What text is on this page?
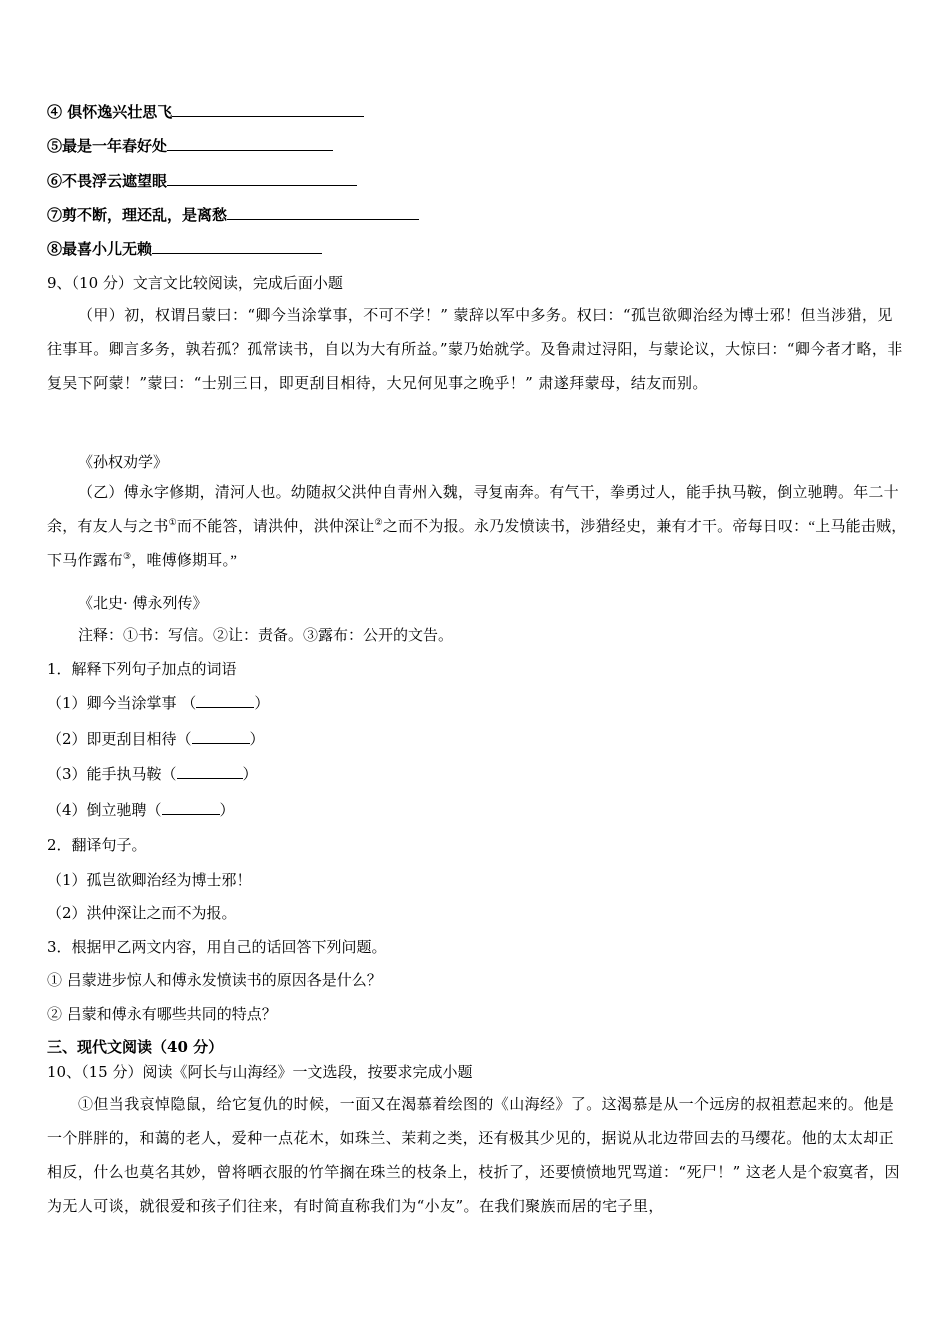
④ 俱怀逸兴壮思飞
⑤最是一年春好处
⑥不畏浮云遮望眼
⑦剪不断，理还乱，是离愁
⑧最喜小儿无赖
9、（10 分）文言文比较阅读，完成后面小题
（甲）初，权谓吕蒙曰：“卿今当涂掌事，不可不学！” 蒙辞以军中多务。权曰：“孤岂欲卿治经为博士邪！但当涉猎，见往事耳。卿言多务，孰若孤？孤常读书，自以为大有所益。”蒙乃始就学。及鲁肃过浔阳，与蒙论议，大惊曰：“卿今者才略，非复吴下阿蒙！”蒙曰：“士别三日，即更刮目相待，大兄何见事之晚乎！” 肃遂拜蒙母，结友而别。
《孙权劝学》
（乙）傅永字修期，清河人也。幼随叔父洪仲自青州入魏，寻复南奔。有气干，拳勇过人，能手执马鞍，倒立驰聘。年二十余，有友人与之书①而不能答，请洪仲，洪仲深让②之而不为报。永乃发愤读书，涉猎经史，兼有才干。帝每日叹：“上马能击贼，下马作露布③，唯傅修期耳。”
《北史· 傅永列传》
注释：①书：写信。②让：责备。③露布：公开的文告。
1．解释下列句子加点的词语
（1）卿今当涂掌事 （	）
（2）即更刮目相待（	）
（3）能手执马鞍（	）
（4）倒立驰聘（	）
2．翻译句子。
（1）孤岂欲卿治经为博士邪！
（2）洪仲深让之而不为报。
3．根据甲乙两文内容，用自己的话回答下列问题。
① 吕蒙进步惊人和傅永发愤读书的原因各是什么？
② 吕蒙和傅永有哪些共同的特点？
三、现代文阅读（40 分）
10、（15 分）阅读《阿长与山海经》一文选段，按要求完成小题
①但当我哀悼隐鼠，给它复仇的时候，一面又在渴慕着绘图的《山海经》了。这渴慕是从一个远房的叔祖惹起来的。他是一个胖胖的，和蔼的老人，爱种一点花木，如珠兰、茉莉之类，还有极其少见的，据说从北边带回去的马缨花。他的太太却正相反，什么也莫名其妙，曾将晒衣服的竹竿搁在珠兰的枝条上，枝折了，还要愤愤地咒骂道：“死尸！” 这老人是个寂寞者，因为无人可谈，就很爱和孩子们往来，有时简直称我们为“小友”。在我们聚族而居的宅子里，
